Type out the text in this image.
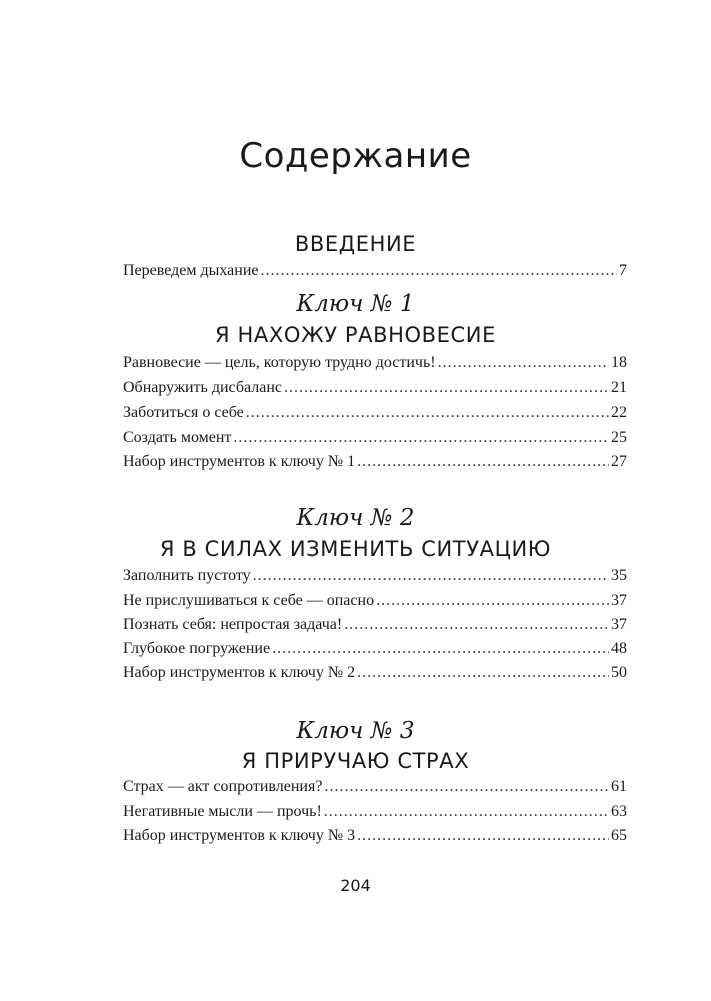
Содержание
ВВЕДЕНИЕ
Переведем дыхание .....	7
Ключ № 1
Я НАХОЖУ РАВНОВЕСИЕ
Равновесие — цель, которую трудно достичь! .....	18
Обнаружить дисбаланс .....	21
Заботиться о себе .....	22
Создать момент .....	25
Набор инструментов к ключу № 1 .....	27
Ключ № 2
Я В СИЛАХ ИЗМЕНИТЬ СИТУАЦИЮ
Заполнить пустоту .....	35
Не прислушиваться к себе — опасно .....	37
Познать себя: непростая задача! .....	37
Глубокое погружение .....	48
Набор инструментов к ключу № 2 .....	50
Ключ № 3
Я ПРИРУЧАЮ СТРАХ
Страх — акт сопротивления? .....	61
Негативные мысли — прочь! .....	63
Набор инструментов к ключу № 3 .....	65
204
